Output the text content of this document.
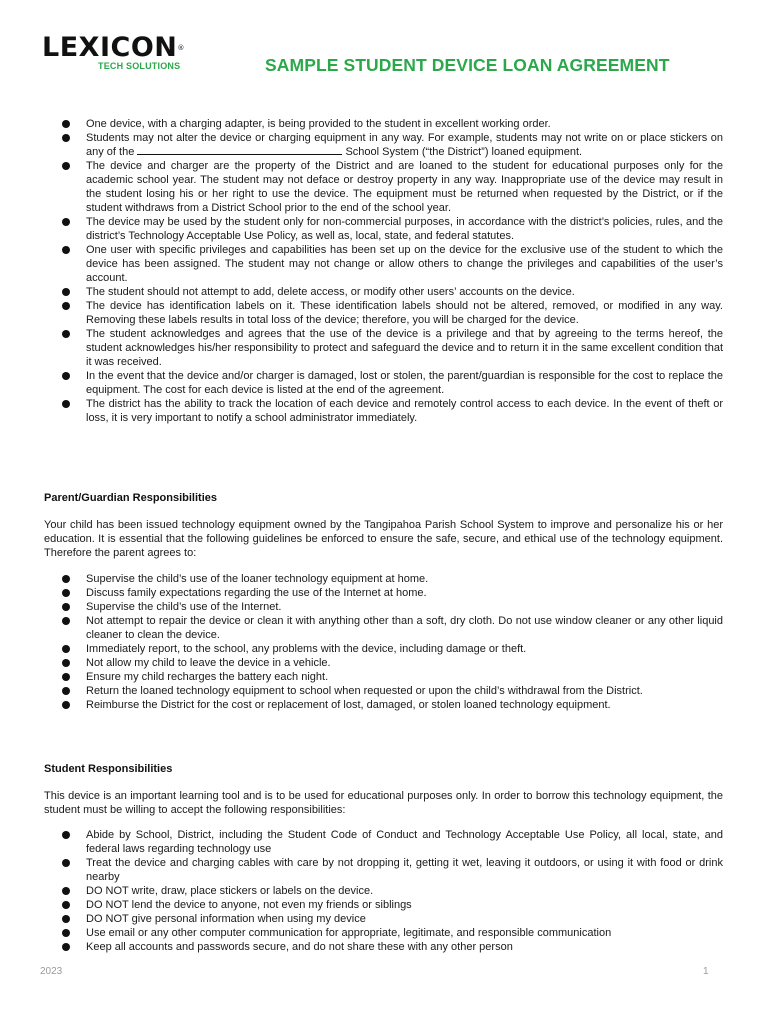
LEXICON®
TECH SOLUTIONS	SAMPLE STUDENT DEVICE LOAN AGREEMENT
One device, with a charging adapter, is being provided to the student in excellent working order.
Students may not alter the device or charging equipment in any way. For example, students may not write on or place stickers on any of the	School System (“the District”) loaned equipment.
The device and charger are the property of the District and are loaned to the student for educational purposes only for the academic school year. The student may not deface or destroy property in any way. Inappropriate use of the device may result in the student losing his or her right to use the device. The equipment must be returned when requested by the District, or if the student withdraws from a District School prior to the end of the school year.
The device may be used by the student only for non-commercial purposes, in accordance with the district’s policies, rules, and the district’s Technology Acceptable Use Policy, as well as, local, state, and federal statutes.
One user with specific privileges and capabilities has been set up on the device for the exclusive use of the student to which the device has been assigned. The student may not change or allow others to change the privileges and capabilities of the user’s account.
The student should not attempt to add, delete access, or modify other users’ accounts on the device.
The device has identification labels on it. These identification labels should not be altered, removed, or modified in any way. Removing these labels results in total loss of the device; therefore, you will be charged for the device.
The student acknowledges and agrees that the use of the device is a privilege and that by agreeing to the terms hereof, the student acknowledges his/her responsibility to protect and safeguard the device and to return it in the same excellent condition that it was received.
In the event that the device and/or charger is damaged, lost or stolen, the parent/guardian is responsible for the cost to replace the equipment. The cost for each device is listed at the end of the agreement.
The district has the ability to track the location of each device and remotely control access to each device. In the event of theft or loss, it is very important to notify a school administrator immediately.
Parent/Guardian Responsibilities

Your child has been issued technology equipment owned by the Tangipahoa Parish School System to improve and personalize his or her education. It is essential that the following guidelines be enforced to ensure the safe, secure, and ethical use of the technology equipment. Therefore the parent agrees to:

Supervise the child’s use of the loaner technology equipment at home.
Discuss family expectations regarding the use of the Internet at home.
Supervise the child’s use of the Internet.
Not attempt to repair the device or clean it with anything other than a soft, dry cloth. Do not use window cleaner or any other liquid cleaner to clean the device.
Immediately report, to the school, any problems with the device, including damage or theft.
Not allow my child to leave the device in a vehicle.
Ensure my child recharges the battery each night.
Return the loaned technology equipment to school when requested or upon the child’s withdrawal from the District.
Reimburse the District for the cost or replacement of lost, damaged, or stolen loaned technology equipment.
Student Responsibilities

This device is an important learning tool and is to be used for educational purposes only. In order to borrow this technology equipment, the student must be willing to accept the following responsibilities:

Abide by School, District, including the Student Code of Conduct and Technology Acceptable Use Policy, all local, state, and federal laws regarding technology use
Treat the device and charging cables with care by not dropping it, getting it wet, leaving it outdoors, or using it with food or drink nearby
DO NOT write, draw, place stickers or labels on the device.
DO NOT lend the device to anyone, not even my friends or siblings
DO NOT give personal information when using my device
Use email or any other computer communication for appropriate, legitimate, and responsible communication
Keep all accounts and passwords secure, and do not share these with any other person
2023	1
